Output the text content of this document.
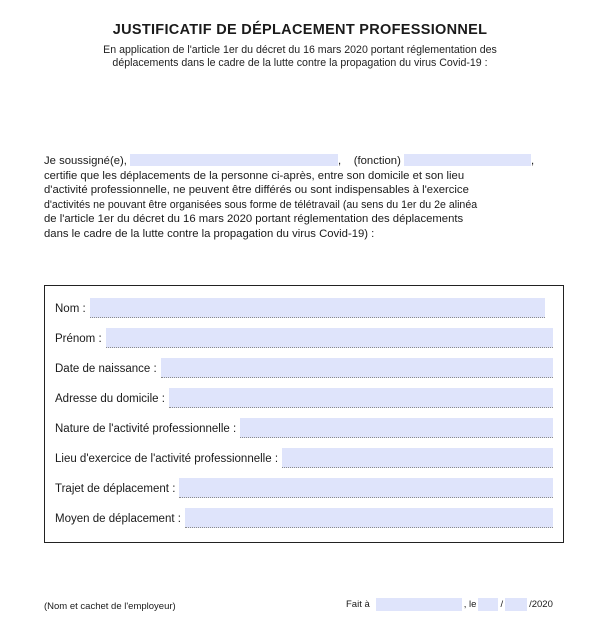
JUSTIFICATIF DE DÉPLACEMENT PROFESSIONNEL
En application de l'article 1er du décret du 16 mars 2020 portant réglementation des
déplacements dans le cadre de la lutte contre la propagation du virus Covid-19 :
Je soussigné(e),	, (fonction)	,
certifie que les déplacements de la personne ci-après, entre son domicile et son lieu
d'activité professionnelle, ne peuvent être différés ou sont indispensables à l'exercice
d'activités ne pouvant être organisées sous forme de télétravail (au sens du 1er du 2e alinéa
de l'article 1er du décret du 16 mars 2020 portant réglementation des déplacements
dans le cadre de la lutte contre la propagation du virus Covid-19) :
Nom :
Prénom :
Date de naissance :
Adresse du domicile :
Nature de l'activité professionnelle :
Lieu d'exercice de l'activité professionnelle :
Trajet de déplacement :
Moyen de déplacement :
(Nom et cachet de l'employeur)	Fait à	, le	/	/ 2020
